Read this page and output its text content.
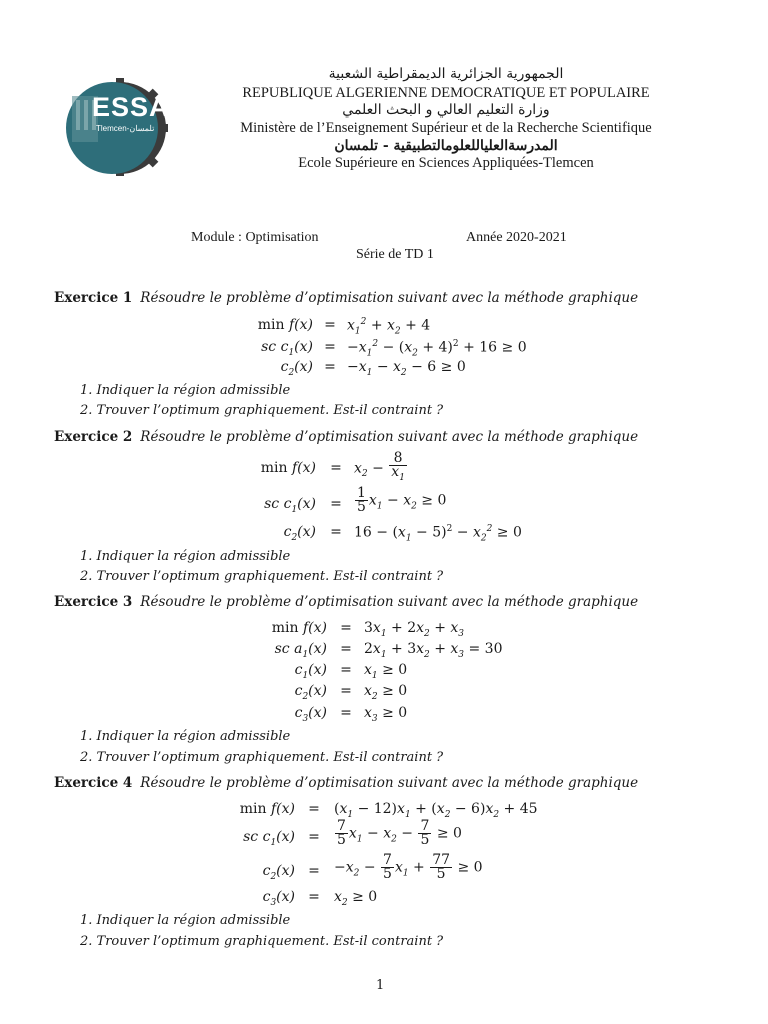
ESSA
Tlemcen-تلمسان
الجمهورية الجزائرية الديمقراطية الشعبية
REPUBLIQUE ALGERIENNE DEMOCRATIQUE ET POPULAIRE
وزارة التعليم العالي و البحث العلمي
Ministère de l’Enseignement Supérieur et de la Recherche Scientifique
المدرسةالعلياللعلومالتطبيقية - تلمسان
Ecole Supérieure en Sciences Appliquées-Tlemcen
Module : Optimisation	Année 2020-2021
Série de TD 1
Exercice 1 Résoudre le problème d’optimisation suivant avec la méthode graphique
$\min f(x) = x_1^2 + x_2 + 4$
sc $c_1(x) = -x_1^2 - (x_2 + 4)^2 + 16 \ge 0$
$c_2(x) = -x_1 - x_2 - 6 \ge 0$
1. Indiquer la région admissible
2. Trouver l’optimum graphiquement. Est-il contraint ?
Exercice 2 Résoudre le problème d’optimisation suivant avec la méthode graphique
$\min f(x) = x_2 - \frac{8}{x_1}$
sc $c_1(x) = \frac{1}{5} x_1 - x_2 \ge 0$
$c_2(x) = 16 - (x_1 - 5)^2 - x_2^2 \ge 0$
1. Indiquer la région admissible
2. Trouver l’optimum graphiquement. Est-il contraint ?
Exercice 3 Résoudre le problème d’optimisation suivant avec la méthode graphique
$\min f(x) = 3x_1 + 2x_2 + x_3$
sc $a_1(x) = 2x_1 + 3x_2 + x_3 = 30$
$c_1(x) = x_1 \ge 0$
$c_2(x) = x_2 \ge 0$
$c_3(x) = x_3 \ge 0$
1. Indiquer la région admissible
2. Trouver l’optimum graphiquement. Est-il contraint ?
Exercice 4 Résoudre le problème d’optimisation suivant avec la méthode graphique
$\min f(x) = (x_1 - 12)x_1 + (x_2 - 6)x_2 + 45$
sc $c_1(x) = \frac{7}{5} x_1 - x_2 - \frac{7}{5} \ge 0$
$c_2(x) = -x_2 - \frac{7}{5} x_1 + \frac{77}{5} \ge 0$
$c_3(x) = x_2 \ge 0$
1. Indiquer la région admissible
2. Trouver l’optimum graphiquement. Est-il contraint ?
1
